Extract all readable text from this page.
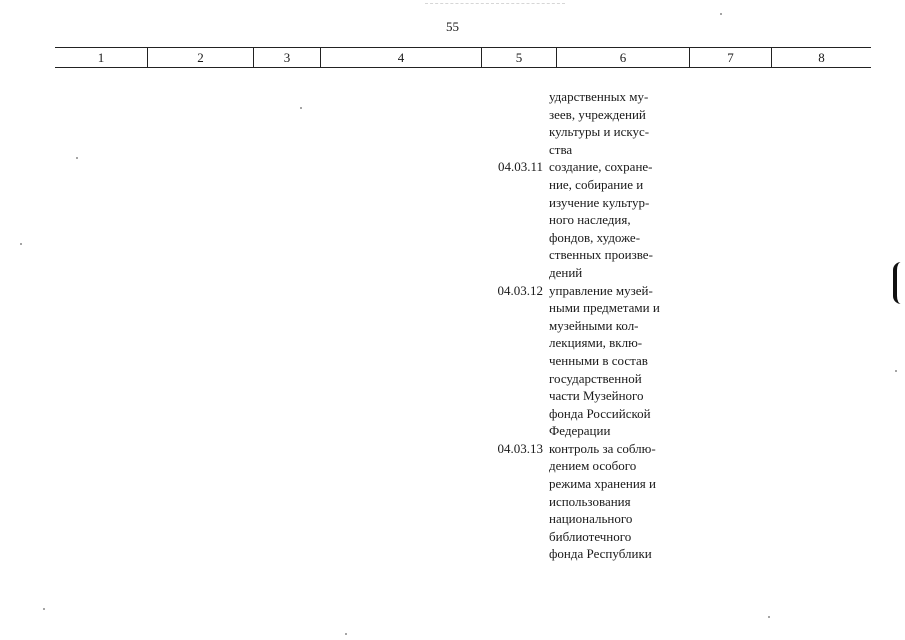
55
1	2	3	4	5	6	7	8
ударственных му-
зеев, учреждений
культуры и искус-
ства
04.03.11 создание, сохране-
ние, собирание и
изучение культур-
ного наследия,
фондов, художе-
ственных произве-
дений
04.03.12 управление музей-
ными предметами и
музейными кол-
лекциями, вклю-
ченными в состав
государственной
части Музейного
фонда Российской
Федерации
04.03.13 контроль за соблю-
дением особого
режима хранения и
использования
национального
библиотечного
фонда Республики
